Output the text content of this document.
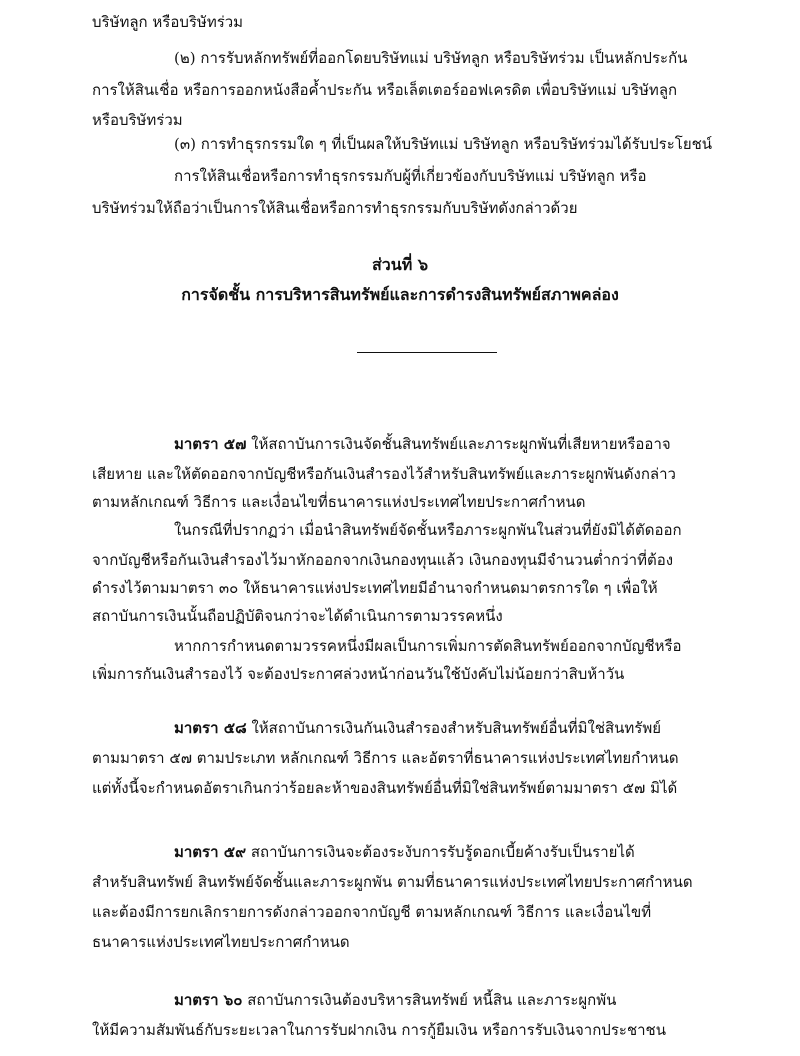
บริษัทลูก หรือบริษัทร่วม
(๒) การรับหลักทรัพย์ที่ออกโดยบริษัทแม่ บริษัทลูก หรือบริษัทร่วม เป็นหลักประกัน
การให้สินเชื่อ หรือการออกหนังสือค้ำประกัน หรือเล็ตเตอร์ออฟเครดิต เพื่อบริษัทแม่ บริษัทลูก
หรือบริษัทร่วม
(๓) การทำธุรกรรมใด ๆ ที่เป็นผลให้บริษัทแม่ บริษัทลูก หรือบริษัทร่วมได้รับประโยชน์
การให้สินเชื่อหรือการทำธุรกรรมกับผู้ที่เกี่ยวข้องกับบริษัทแม่ บริษัทลูก หรือ
บริษัทร่วมให้ถือว่าเป็นการให้สินเชื่อหรือการทำธุรกรรมกับบริษัทดังกล่าวด้วย
ส่วนที่ ๖
การจัดชั้น การบริหารสินทรัพย์และการดำรงสินทรัพย์สภาพคล่อง
มาตรา ๕๗ ให้สถาบันการเงินจัดชั้นสินทรัพย์และภาระผูกพันที่เสียหายหรืออาจ
เสียหาย และให้ตัดออกจากบัญชีหรือกันเงินสำรองไว้สำหรับสินทรัพย์และภาระผูกพันดังกล่าว
ตามหลักเกณฑ์ วิธีการ และเงื่อนไขที่ธนาคารแห่งประเทศไทยประกาศกำหนด
ในกรณีที่ปรากฏว่า เมื่อนำสินทรัพย์จัดชั้นหรือภาระผูกพันในส่วนที่ยังมิได้ตัดออก
จากบัญชีหรือกันเงินสำรองไว้มาหักออกจากเงินกองทุนแล้ว เงินกองทุนมีจำนวนต่ำกว่าที่ต้อง
ดำรงไว้ตามมาตรา ๓๐ ให้ธนาคารแห่งประเทศไทยมีอำนาจกำหนดมาตรการใด ๆ เพื่อให้
สถาบันการเงินนั้นถือปฏิบัติจนกว่าจะได้ดำเนินการตามวรรคหนึ่ง
หากการกำหนดตามวรรคหนึ่งมีผลเป็นการเพิ่มการตัดสินทรัพย์ออกจากบัญชีหรือ
เพิ่มการกันเงินสำรองไว้ จะต้องประกาศล่วงหน้าก่อนวันใช้บังคับไม่น้อยกว่าสิบห้าวัน
มาตรา ๕๘ ให้สถาบันการเงินกันเงินสำรองสำหรับสินทรัพย์อื่นที่มิใช่สินทรัพย์
ตามมาตรา ๕๗ ตามประเภท หลักเกณฑ์ วิธีการ และอัตราที่ธนาคารแห่งประเทศไทยกำหนด
แต่ทั้งนี้จะกำหนดอัตราเกินกว่าร้อยละห้าของสินทรัพย์อื่นที่มิใช่สินทรัพย์ตามมาตรา ๕๗ มิได้
มาตรา ๕๙ สถาบันการเงินจะต้องระงับการรับรู้ดอกเบี้ยค้างรับเป็นรายได้
สำหรับสินทรัพย์ สินทรัพย์จัดชั้นและภาระผูกพัน ตามที่ธนาคารแห่งประเทศไทยประกาศกำหนด
และต้องมีการยกเลิกรายการดังกล่าวออกจากบัญชี ตามหลักเกณฑ์ วิธีการ และเงื่อนไขที่
ธนาคารแห่งประเทศไทยประกาศกำหนด
มาตรา ๖๐ สถาบันการเงินต้องบริหารสินทรัพย์ หนี้สิน และภาระผูกพัน
ให้มีความสัมพันธ์กับระยะเวลาในการรับฝากเงิน การกู้ยืมเงิน หรือการรับเงินจากประชาชน
